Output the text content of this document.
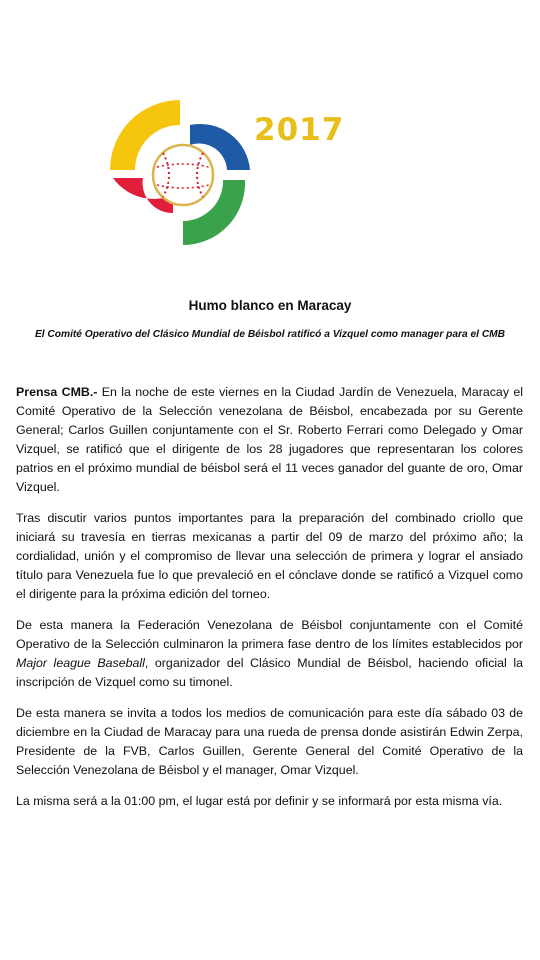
2017
Humo blanco en Maracay
El Comité Operativo del Clásico Mundial de Béisbol ratificó a Vizquel como manager para el CMB

Prensa CMB.- En la noche de este viernes en la Ciudad Jardín de Venezuela, Maracay el Comité Operativo de la Selección venezolana de Béisbol, encabezada por su Gerente General; Carlos Guillen conjuntamente con el Sr. Roberto Ferrari como Delegado y Omar Vizquel, se ratificó que el dirigente de los 28 jugadores que representaran los colores patrios en el próximo mundial de béisbol será el 11 veces ganador del guante de oro, Omar Vizquel.

Tras discutir varios puntos importantes para la preparación del combinado criollo que iniciará su travesía en tierras mexicanas a partir del 09 de marzo del próximo año; la cordialidad, unión y el compromiso de llevar una selección de primera y lograr el ansiado título para Venezuela fue lo que prevaleció en el cónclave donde se ratificó a Vizquel como el dirigente para la próxima edición del torneo.

De esta manera la Federación Venezolana de Béisbol conjuntamente con el Comité Operativo de la Selección culminaron la primera fase dentro de los límites establecidos por Major league Baseball, organizador del Clásico Mundial de Béisbol, haciendo oficial la inscripción de Vizquel como su timonel.

De esta manera se invita a todos los medios de comunicación para este día sábado 03 de diciembre en la Ciudad de Maracay para una rueda de prensa donde asistirán Edwin Zerpa, Presidente de la FVB, Carlos Guillen, Gerente General del Comité Operativo de la Selección Venezolana de Béisbol y el manager, Omar Vizquel.

La misma será a la 01:00 pm, el lugar está por definir y se informará por esta misma vía.
